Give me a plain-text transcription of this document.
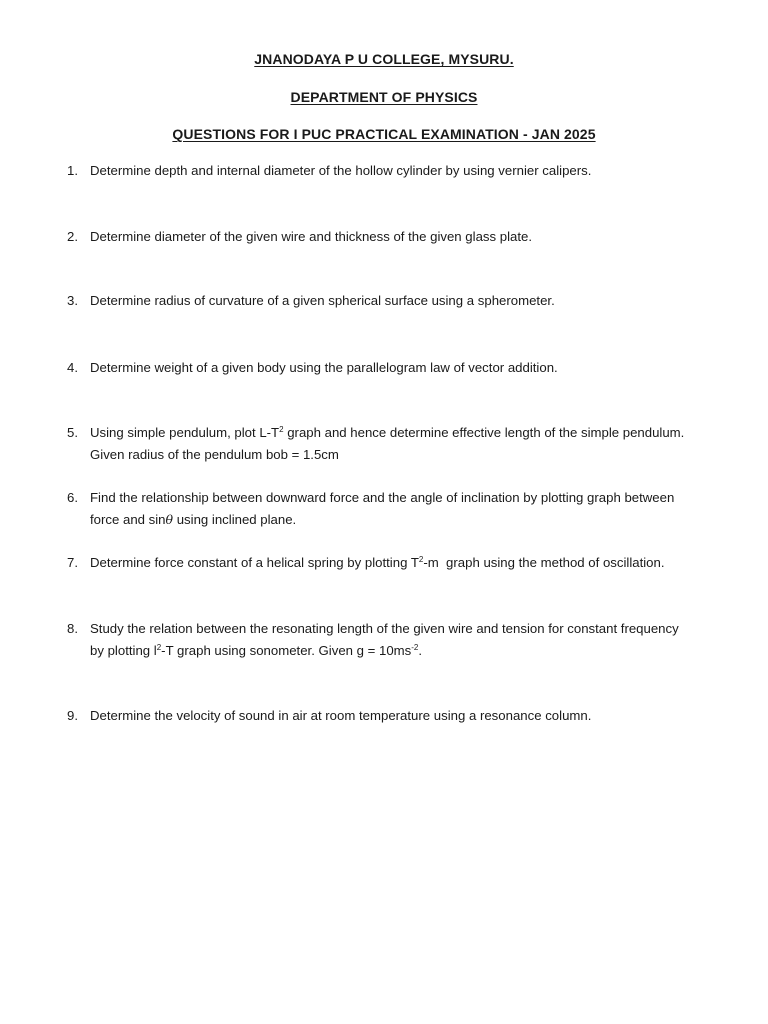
JNANODAYA P U COLLEGE, MYSURU.
DEPARTMENT OF PHYSICS
QUESTIONS FOR I PUC PRACTICAL EXAMINATION - JAN 2025
1. Determine depth and internal diameter of the hollow cylinder by using vernier calipers.
2. Determine diameter of the given wire and thickness of the given glass plate.
3. Determine radius of curvature of a given spherical surface using a spherometer.
4. Determine weight of a given body using the parallelogram law of vector addition.
5. Using simple pendulum, plot $L-T^2$ graph and hence determine effective length of the simple pendulum.
Given radius of the pendulum bob = 1.5cm
6. Find the relationship between downward force and the angle of inclination by plotting graph between
force and sinθ using inclined plane.
7. Determine force constant of a helical spring by plotting $T^2-m$  graph using the method of oscillation.
8. Study the relation between the resonating length of the given wire and tension for constant frequency
by plotting $l^2-T$ graph using sonometer. Given $g = 10ms^{-2}$.
9. Determine the velocity of sound in air at room temperature using a resonance column.
